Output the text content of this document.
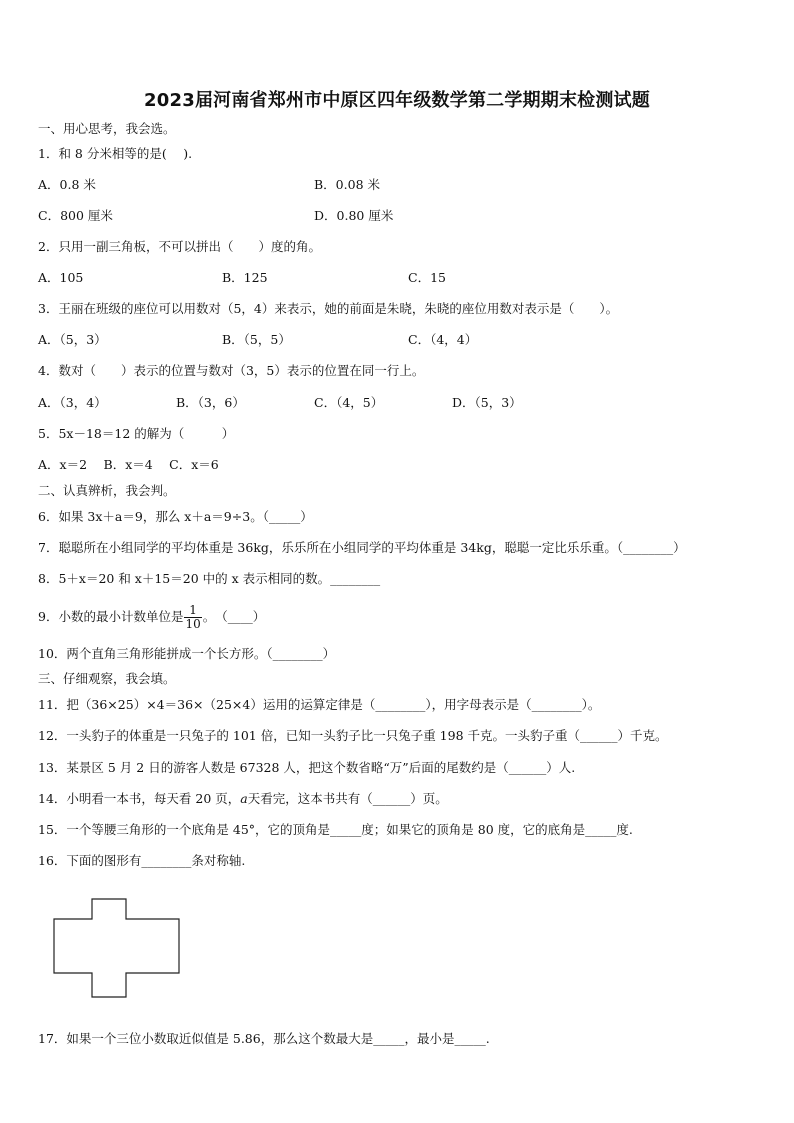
2023届河南省郑州市中原区四年级数学第二学期期末检测试题
一、用心思考，我会选。
1．和 8 分米相等的是(　 ).
A．0.8 米	B．0.08 米
C．800 厘米	D．0.80 厘米
2．只用一副三角板，不可以拼出（　　）度的角。
A．105	B．125	C．15
3．王丽在班级的座位可以用数对（5，4）来表示，她的前面是朱晓，朱晓的座位用数对表示是（　　）。
A．（5，3）	B．（5，5）	C．（4，4）
4．数对（　　）表示的位置与数对（3，5）表示的位置在同一行上。
A．（3，4）	B．（3，6）	C．（4，5）	D．（5，3）
5．5x－18＝12 的解为（　　　）
A．x＝2　 B．x＝4　 C．x＝6
二、认真辨析，我会判。
6．如果 3x＋a＝9，那么 x＋a＝9÷3。（_____）
7．聪聪所在小组同学的平均体重是 36kg，乐乐所在小组同学的平均体重是 34kg，聪聪一定比乐乐重。（________）
8．5＋x＝20 和 x＋15＝20 中的 x 表示相同的数。________
9．小数的最小计数单位是 $\frac{1}{10}$ 。　（____）
10．两个直角三角形能拼成一个长方形。（________）
三、仔细观察，我会填。
11．把（36×25）×4＝36×（25×4）运用的运算定律是（________），用字母表示是（________）。
12．一头豹子的体重是一只兔子的 101 倍，已知一头豹子比一只兔子重 198 千克。一头豹子重（______）千克。
13．某景区 5 月 2 日的游客人数是 67328 人，把这个数省略“万”后面的尾数约是（______）人.
14．小明看一本书，每天看 20 页，a天看完，这本书共有（______）页。
15．一个等腰三角形的一个底角是 45°，它的顶角是_____度；如果它的顶角是 80 度，它的底角是_____度.
16．下面的图形有________条对称轴.
17．如果一个三位小数取近似值是 5.86，那么这个数最大是_____，最小是_____.
